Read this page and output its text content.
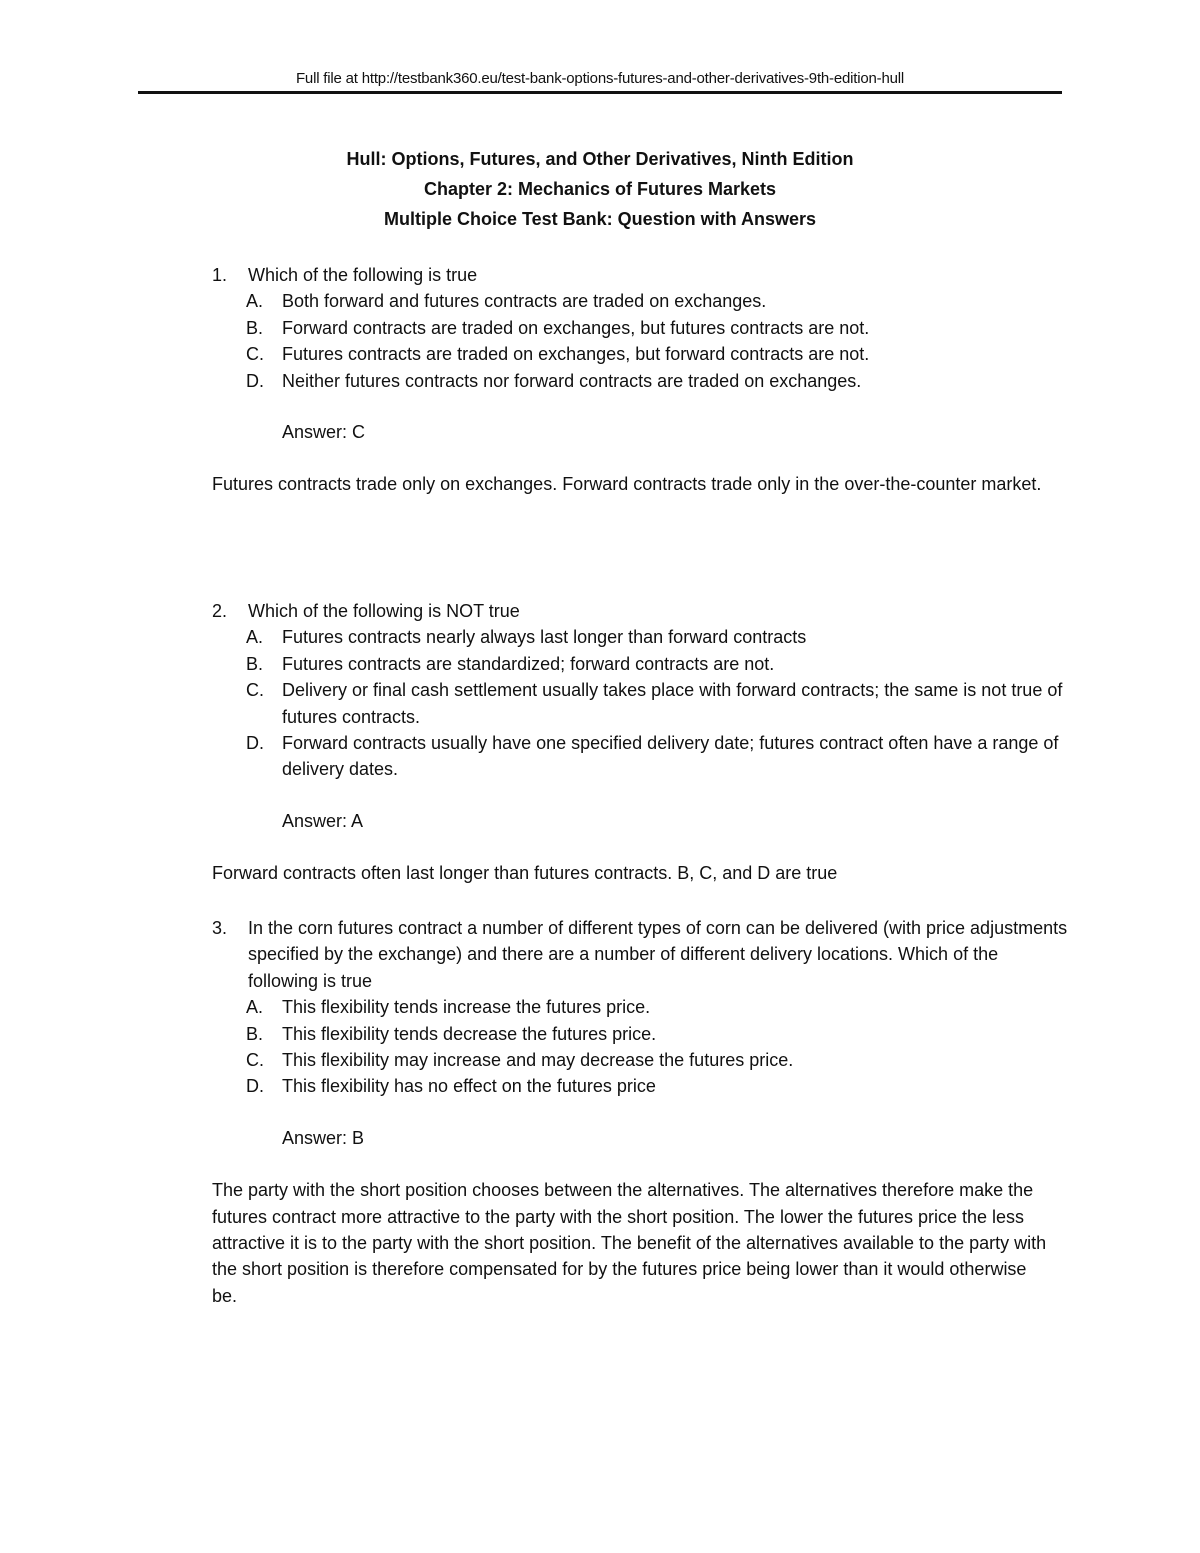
Full file at http://testbank360.eu/test-bank-options-futures-and-other-derivatives-9th-edition-hull
Hull: Options, Futures, and Other Derivatives, Ninth Edition
Chapter 2: Mechanics of Futures Markets
Multiple Choice Test Bank: Question with Answers
1. Which of the following is true
A. Both forward and futures contracts are traded on exchanges.
B. Forward contracts are traded on exchanges, but futures contracts are not.
C. Futures contracts are traded on exchanges, but forward contracts are not.
D. Neither futures contracts nor forward contracts are traded on exchanges.
Answer: C
Futures contracts trade only on exchanges. Forward contracts trade only in the over-the-counter market.
2. Which of the following is NOT true
A. Futures contracts nearly always last longer than forward contracts
B. Futures contracts are standardized; forward contracts are not.
C. Delivery or final cash settlement usually takes place with forward contracts; the same is not true of futures contracts.
D. Forward contracts usually have one specified delivery date; futures contract often have a range of delivery dates.
Answer: A
Forward contracts often last longer than futures contracts. B, C, and D are true
3. In the corn futures contract a number of different types of corn can be delivered (with price adjustments specified by the exchange) and there are a number of different delivery locations. Which of the following is true
A. This flexibility tends increase the futures price.
B. This flexibility tends decrease the futures price.
C. This flexibility may increase and may decrease the futures price.
D. This flexibility has no effect on the futures price
Answer: B
The party with the short position chooses between the alternatives. The alternatives therefore make the futures contract more attractive to the party with the short position. The lower the futures price the less attractive it is to the party with the short position. The benefit of the alternatives available to the party with the short position is therefore compensated for by the futures price being lower than it would otherwise be.
